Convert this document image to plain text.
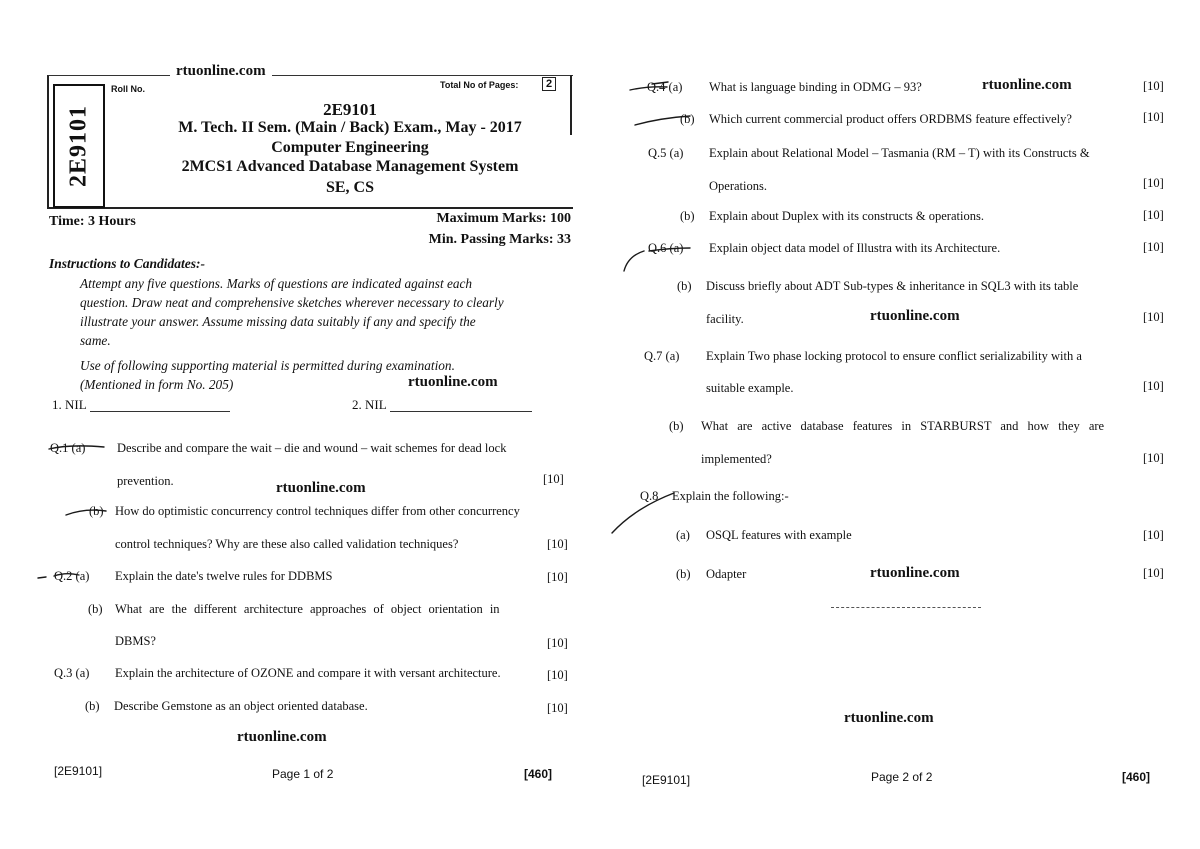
rtuonline.com
2E9101
Roll No.	Total No of Pages:	2
2E9101
M. Tech. II Sem. (Main / Back) Exam., May - 2017
Computer Engineering
2MCS1 Advanced Database Management System
SE, CS
Time: 3 Hours	Maximum Marks: 100
Min. Passing Marks: 33
Instructions to Candidates:-
Attempt any five questions. Marks of questions are indicated against each
question. Draw neat and comprehensive sketches wherever necessary to clearly
illustrate your answer. Assume missing data suitably if any and specify the
same.
Use of following supporting material is permitted during examination.
(Mentioned in form No. 205)	rtuonline.com
1. NIL	2. NIL
Q.1 (a)	Describe and compare the wait – die and wound – wait schemes for dead lock
prevention.	[10]
rtuonline.com
(b) How do optimistic concurrency control techniques differ from other concurrency
control techniques? Why are these also called validation techniques?	[10]
Q.2 (a) Explain the date's twelve rules for DDBMS	[10]
(b) What are the different architecture approaches of object orientation in
DBMS?	[10]
Q.3 (a) Explain the architecture of OZONE and compare it with versant architecture.	[10]
(b) Describe Gemstone as an object oriented database.	[10]
rtuonline.com
[2E9101]	Page 1 of 2	[460]
Q.4 (a) What is language binding in ODMG – 93?	rtuonline.com	[10]
(b) Which current commercial product offers ORDBMS feature effectively?	[10]
Q.5 (a) Explain about Relational Model – Tasmania (RM – T) with its Constructs &
Operations.	[10]
(b) Explain about Duplex with its constructs & operations.	[10]
Q.6 (a) Explain object data model of Illustra with its Architecture.	[10]
(b) Discuss briefly about ADT Sub-types & inheritance in SQL3 with its table
facility.	rtuonline.com	[10]
Q.7 (a) Explain Two phase locking protocol to ensure conflict serializability with a
suitable example.	[10]
(b) What are active database features in STARBURST and how they are
implemented?	[10]
Q.8 Explain the following:-
(a) OSQL features with example	[10]
(b) Odapter	rtuonline.com	[10]
rtuonline.com
[2E9101]	Page 2 of 2	[460]
